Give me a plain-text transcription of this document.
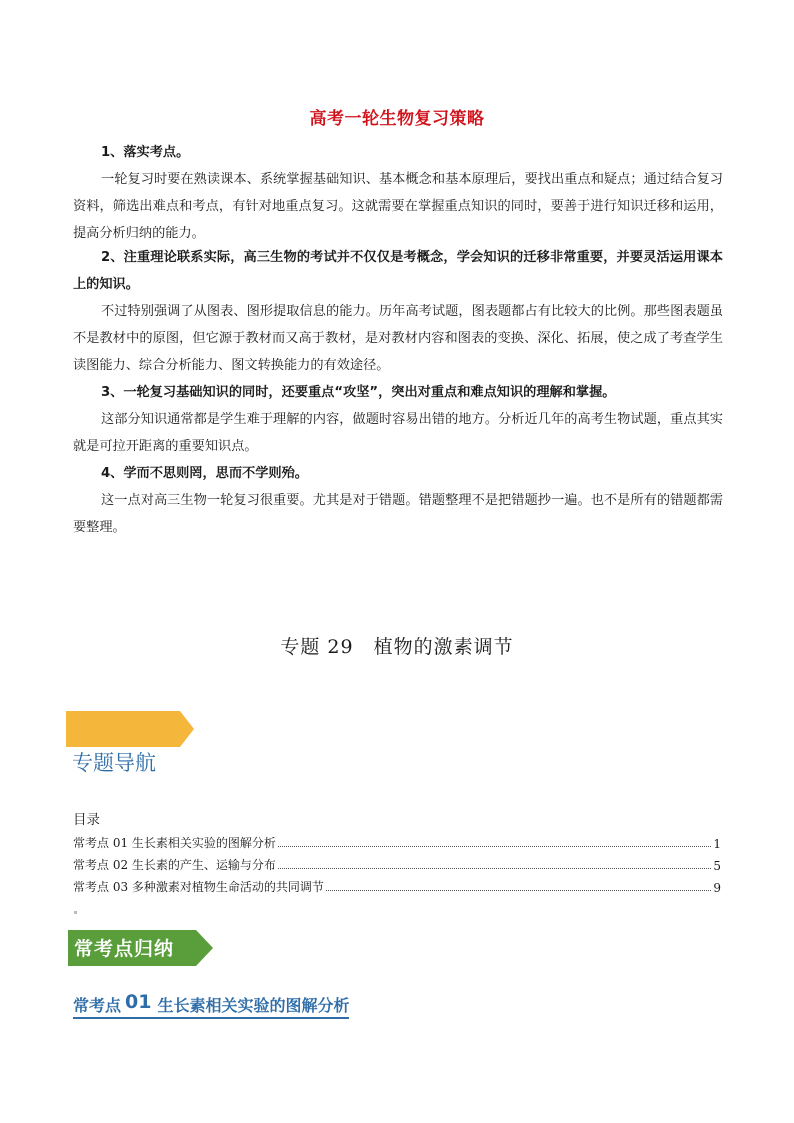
高考一轮生物复习策略

1、落实考点。

一轮复习时要在熟读课本、系统掌握基础知识、基本概念和基本原理后，要找出重点和疑点；通过结合复习资料，筛选出难点和考点，有针对地重点复习。这就需要在掌握重点知识的同时，要善于进行知识迁移和运用，提高分析归纳的能力。

2、注重理论联系实际，高三生物的考试并不仅仅是考概念，学会知识的迁移非常重要，并要灵活运用课本上的知识。

不过特别强调了从图表、图形提取信息的能力。历年高考试题，图表题都占有比较大的比例。那些图表题虽不是教材中的原图，但它源于教材而又高于教材，是对教材内容和图表的变换、深化、拓展，使之成了考查学生读图能力、综合分析能力、图文转换能力的有效途径。

3、一轮复习基础知识的同时，还要重点“攻坚”，突出对重点和难点知识的理解和掌握。

这部分知识通常都是学生难于理解的内容，做题时容易出错的地方。分析近几年的高考生物试题，重点其实就是可拉开距离的重要知识点。

4、学而不思则罔，思而不学则殆。

这一点对高三生物一轮复习很重要。尤其是对于错题。错题整理不是把错题抄一遍。也不是所有的错题都需要整理。

专题 29　植物的激素调节
专题导航
目录
常考点 01 生长素相关实验的图解分析	1
常考点 02 生长素的产生、运输与分布	5
常考点 03 多种激素对植物生命活动的共同调节	9
常考点归纳
常考点 01 生长素相关实验的图解分析
